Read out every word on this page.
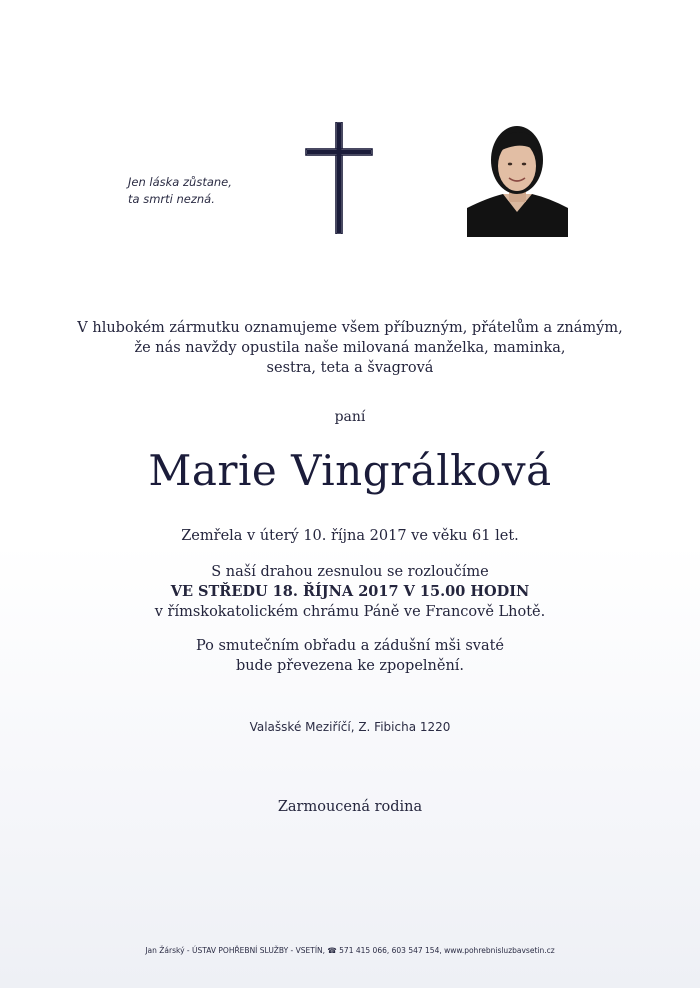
Jen láska zůstane,
ta smrti nezná.
V hlubokém zármutku oznamujeme všem příbuzným, přátelům a známým,
že nás navždy opustila naše milovaná manželka, maminka,
sestra, teta a švagrová
paní
Marie Vingrálková
Zemřela v úterý 10. října 2017 ve věku 61 let.
S naší drahou zesnulou se rozloučíme
VE STŘEDU 18. ŘÍJNA 2017 V 15.00 HODIN
v římskokatolickém chrámu Páně ve Francově Lhotě.
Po smutečním obřadu a zádušní mši svaté
bude převezena ke zpopelnění.
Valašské Meziříčí, Z. Fibicha 1220
Zarmoucená rodina
Jan Žárský - ÚSTAV POHŘEBNÍ SLUŽBY - VSETÍN, ☎ 571 415 066, 603 547 154, www.pohrebnisluzbavsetin.cz
